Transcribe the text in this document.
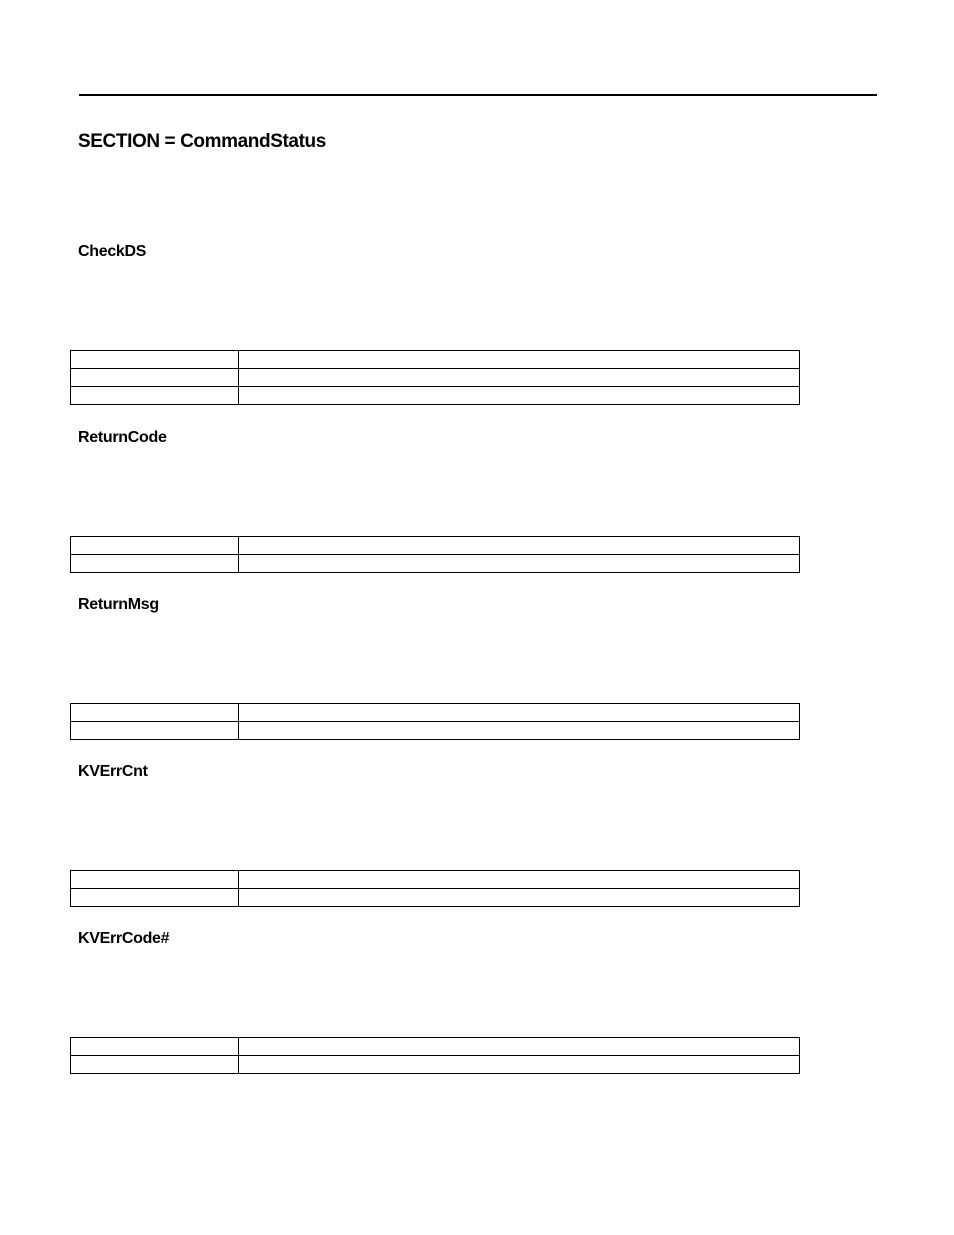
SECTION = CommandStatus
CheckDS

ReturnCode

ReturnMsg

KVErrCnt

KVErrCode#
